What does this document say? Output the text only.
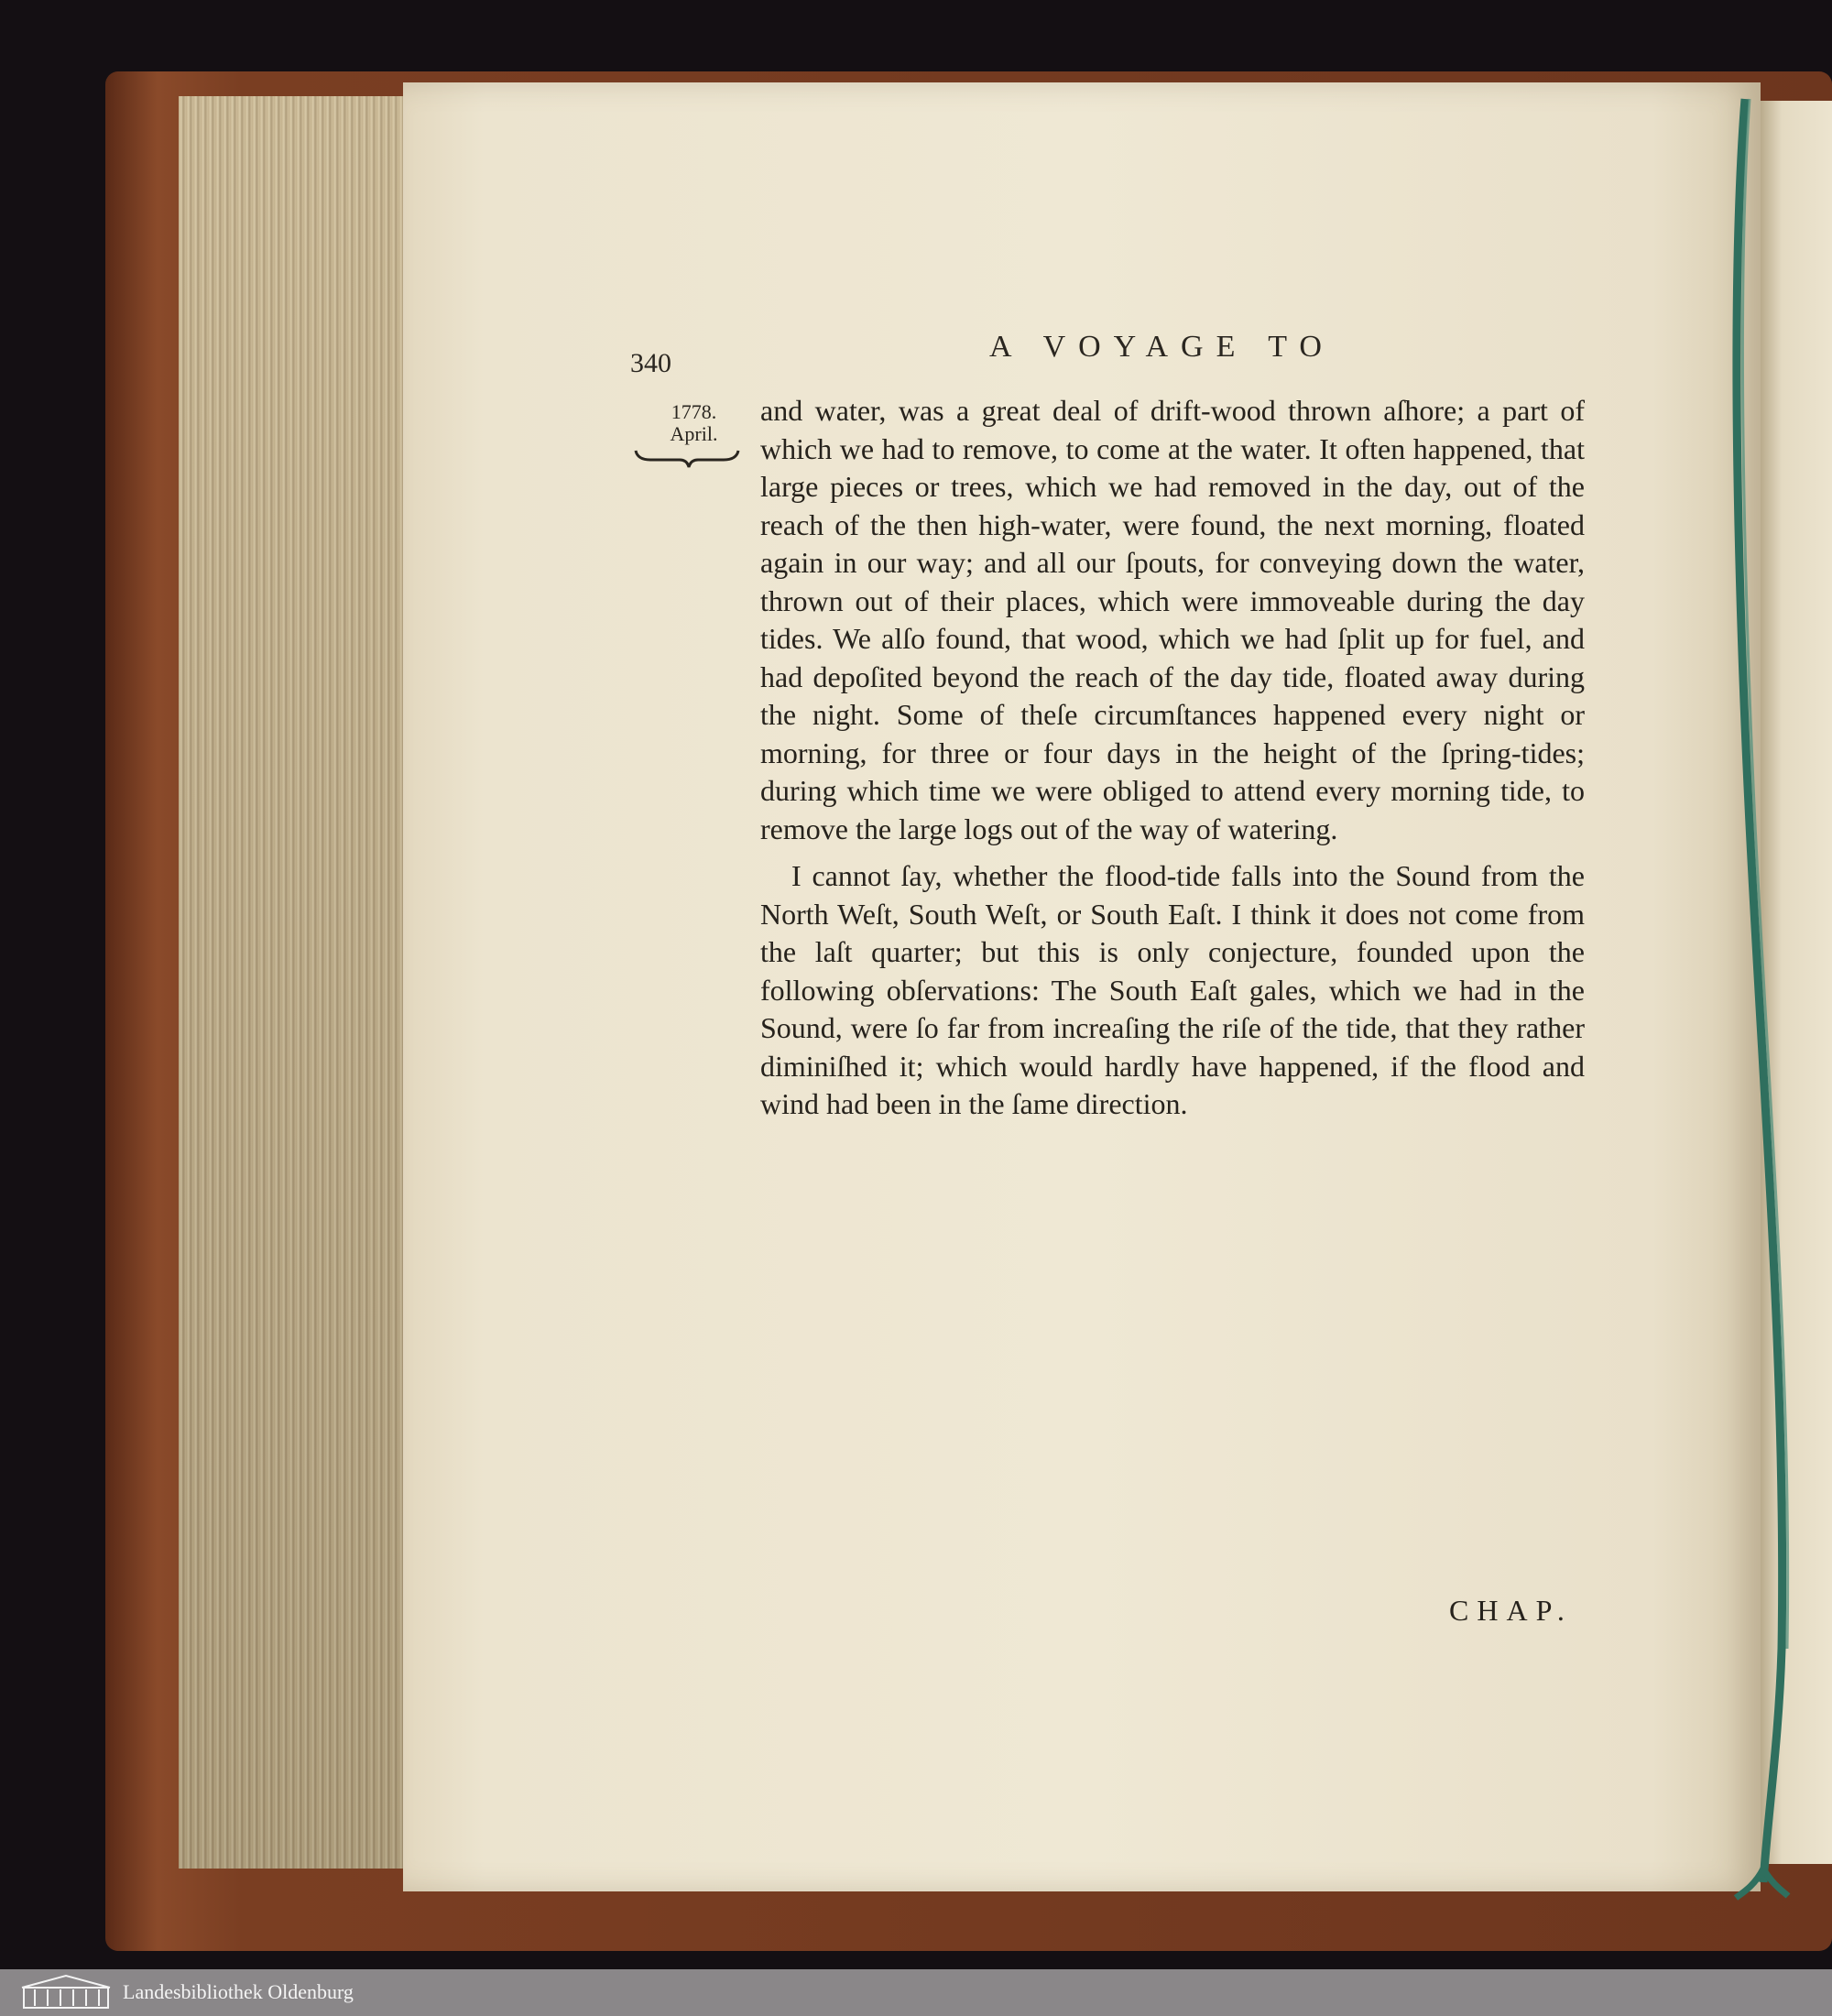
340	A VOYAGE TO
1778.
April.

and water, was a great deal of drift-wood thrown aſhore; a part of which we had to remove, to come at the water. It often happened, that large pieces or trees, which we had removed in the day, out of the reach of the then high-water, were found, the next morning, floated again in our way; and all our ſpouts, for conveying down the water, thrown out of their places, which were immoveable during the day tides. We alſo found, that wood, which we had ſplit up for fuel, and had depoſited beyond the reach of the day tide, floated away during the night. Some of theſe circumſtances happened every night or morning, for three or four days in the height of the ſpring-tides; during which time we were obliged to attend every morning tide, to remove the large logs out of the way of watering.

I cannot ſay, whether the flood-tide falls into the Sound from the North Weſt, South Weſt, or South Eaſt. I think it does not come from the laſt quarter; but this is only conjecture, founded upon the following obſervations: The South Eaſt gales, which we had in the Sound, were ſo far from increaſing the riſe of the tide, that they rather diminiſhed it; which would hardly have happened, if the flood and wind had been in the ſame direction.

CHAP.
Landesbibliothek Oldenburg
